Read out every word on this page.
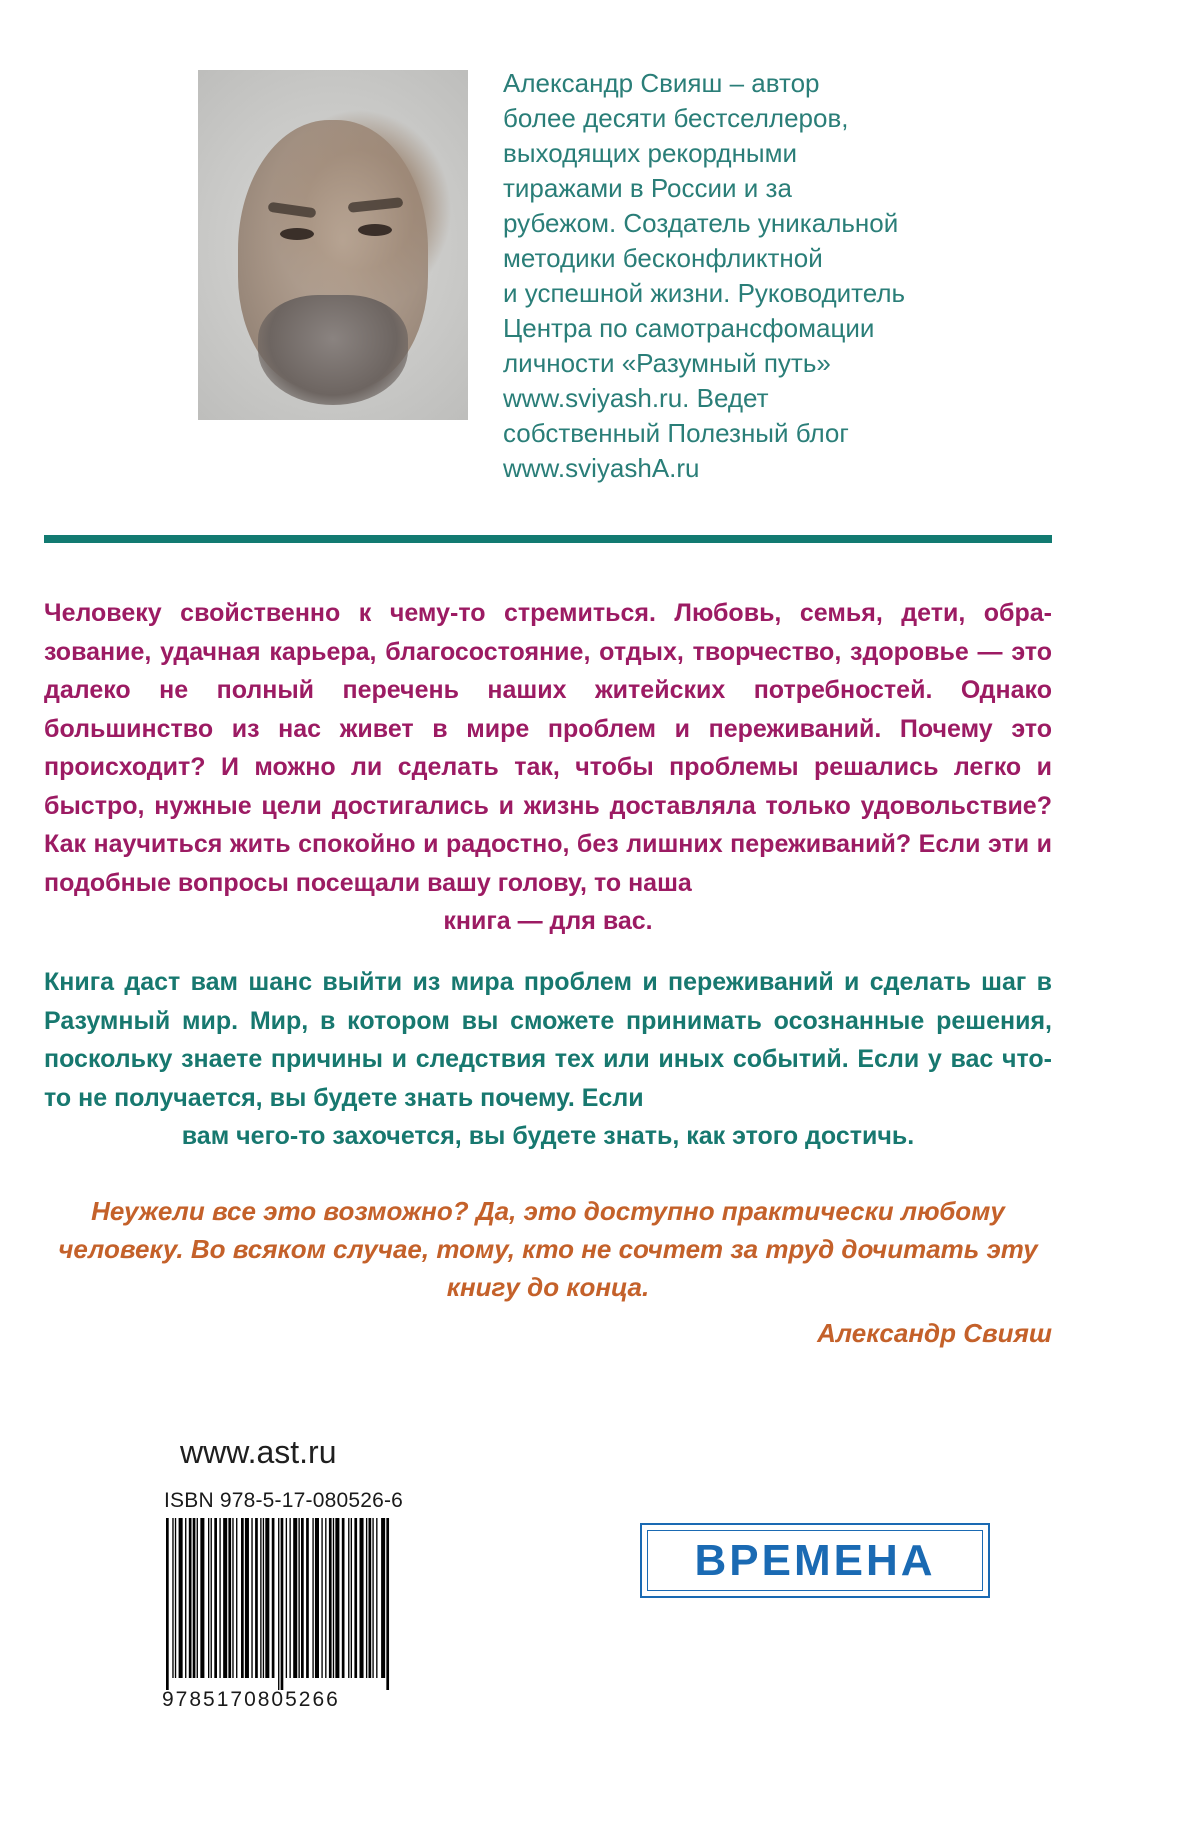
Александр Свияш – автор
более десяти бестселлеров,
выходящих рекордными
тиражами в России и за
рубежом. Создатель уникальной
методики бесконфликтной
и успешной жизни. Руководитель
Центра по самотрансфомации
личности «Разумный путь»
www.sviyash.ru. Ведет
собственный Полезный блог
www.sviyashA.ru
Человеку свойственно к чему-то стремиться. Любовь, семья, дети, образование, удачная карьера, благосостояние, отдых, творчество, здоровье — это далеко не полный перечень наших житейских потребностей. Однако большинство из нас живет в мире проблем и переживаний. Почему это происходит? И можно ли сделать так, чтобы проблемы решались легко и быстро, нужные цели достигались и жизнь доставляла только удовольствие? Как научиться жить спокойно и радостно, без лишних переживаний? Если эти и подобные вопросы посещали вашу голову, то наша
книга — для вас.
Книга даст вам шанс выйти из мира проблем и переживаний и сделать шаг в Разумный мир. Мир, в котором вы сможете принимать осознанные решения, поскольку знаете причины и следствия тех или иных событий. Если у вас что-то не получается, вы будете знать почему. Если
вам чего-то захочется, вы будете знать, как этого достичь.
Неужели все это возможно? Да, это доступно практически любому
человеку. Во всяком случае, тому, кто не сочтет за труд дочитать эту
книгу до конца.
Александр Свияш
www.ast.ru
ISBN 978-5-17-080526-6
9785170805266
ВРЕМЕНА
